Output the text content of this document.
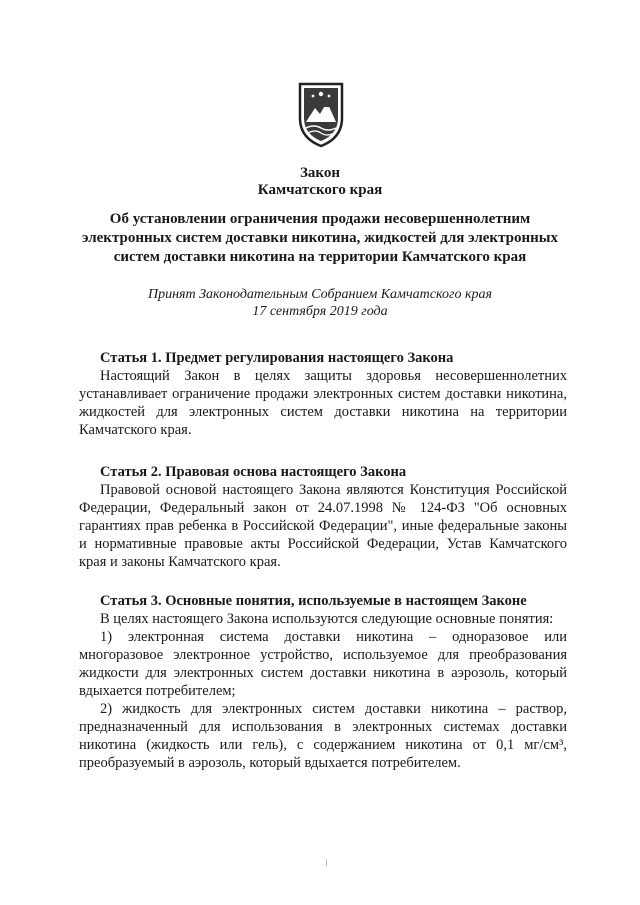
Закон
Камчатского края
Об установлении ограничения продажи несовершеннолетним
электронных систем доставки никотина, жидкостей для электронных
систем доставки никотина на территории Камчатского края
Принят Законодательным Собранием Камчатского края
17 сентября 2019 года
Статья 1. Предмет регулирования настоящего Закона

Настоящий Закон в целях защиты здоровья несовершеннолетних устанавливает ограничение продажи электронных систем доставки никотина, жидкостей для электронных систем доставки никотина на территории Камчатского края.

Статья 2. Правовая основа настоящего Закона

Правовой основой настоящего Закона являются Конституция Российской Федерации, Федеральный закон от 24.07.1998 № 124-ФЗ "Об основных гарантиях прав ребенка в Российской Федерации", иные федеральные законы и нормативные правовые акты Российской Федерации, Устав Камчатского края и законы Камчатского края.

Статья 3. Основные понятия, используемые в настоящем Законе

В целях настоящего Закона используются следующие основные понятия:

1) электронная система доставки никотина – одноразовое или многоразовое электронное устройство, используемое для преобразования жидкости для электронных систем доставки никотина в аэрозоль, который вдыхается потребителем;

2) жидкость для электронных систем доставки никотина – раствор, предназначенный для использования в электронных системах доставки никотина (жидкость или гель), с содержанием никотина от 0,1 мг/см³, преобразуемый в аэрозоль, который вдыхается потребителем.
